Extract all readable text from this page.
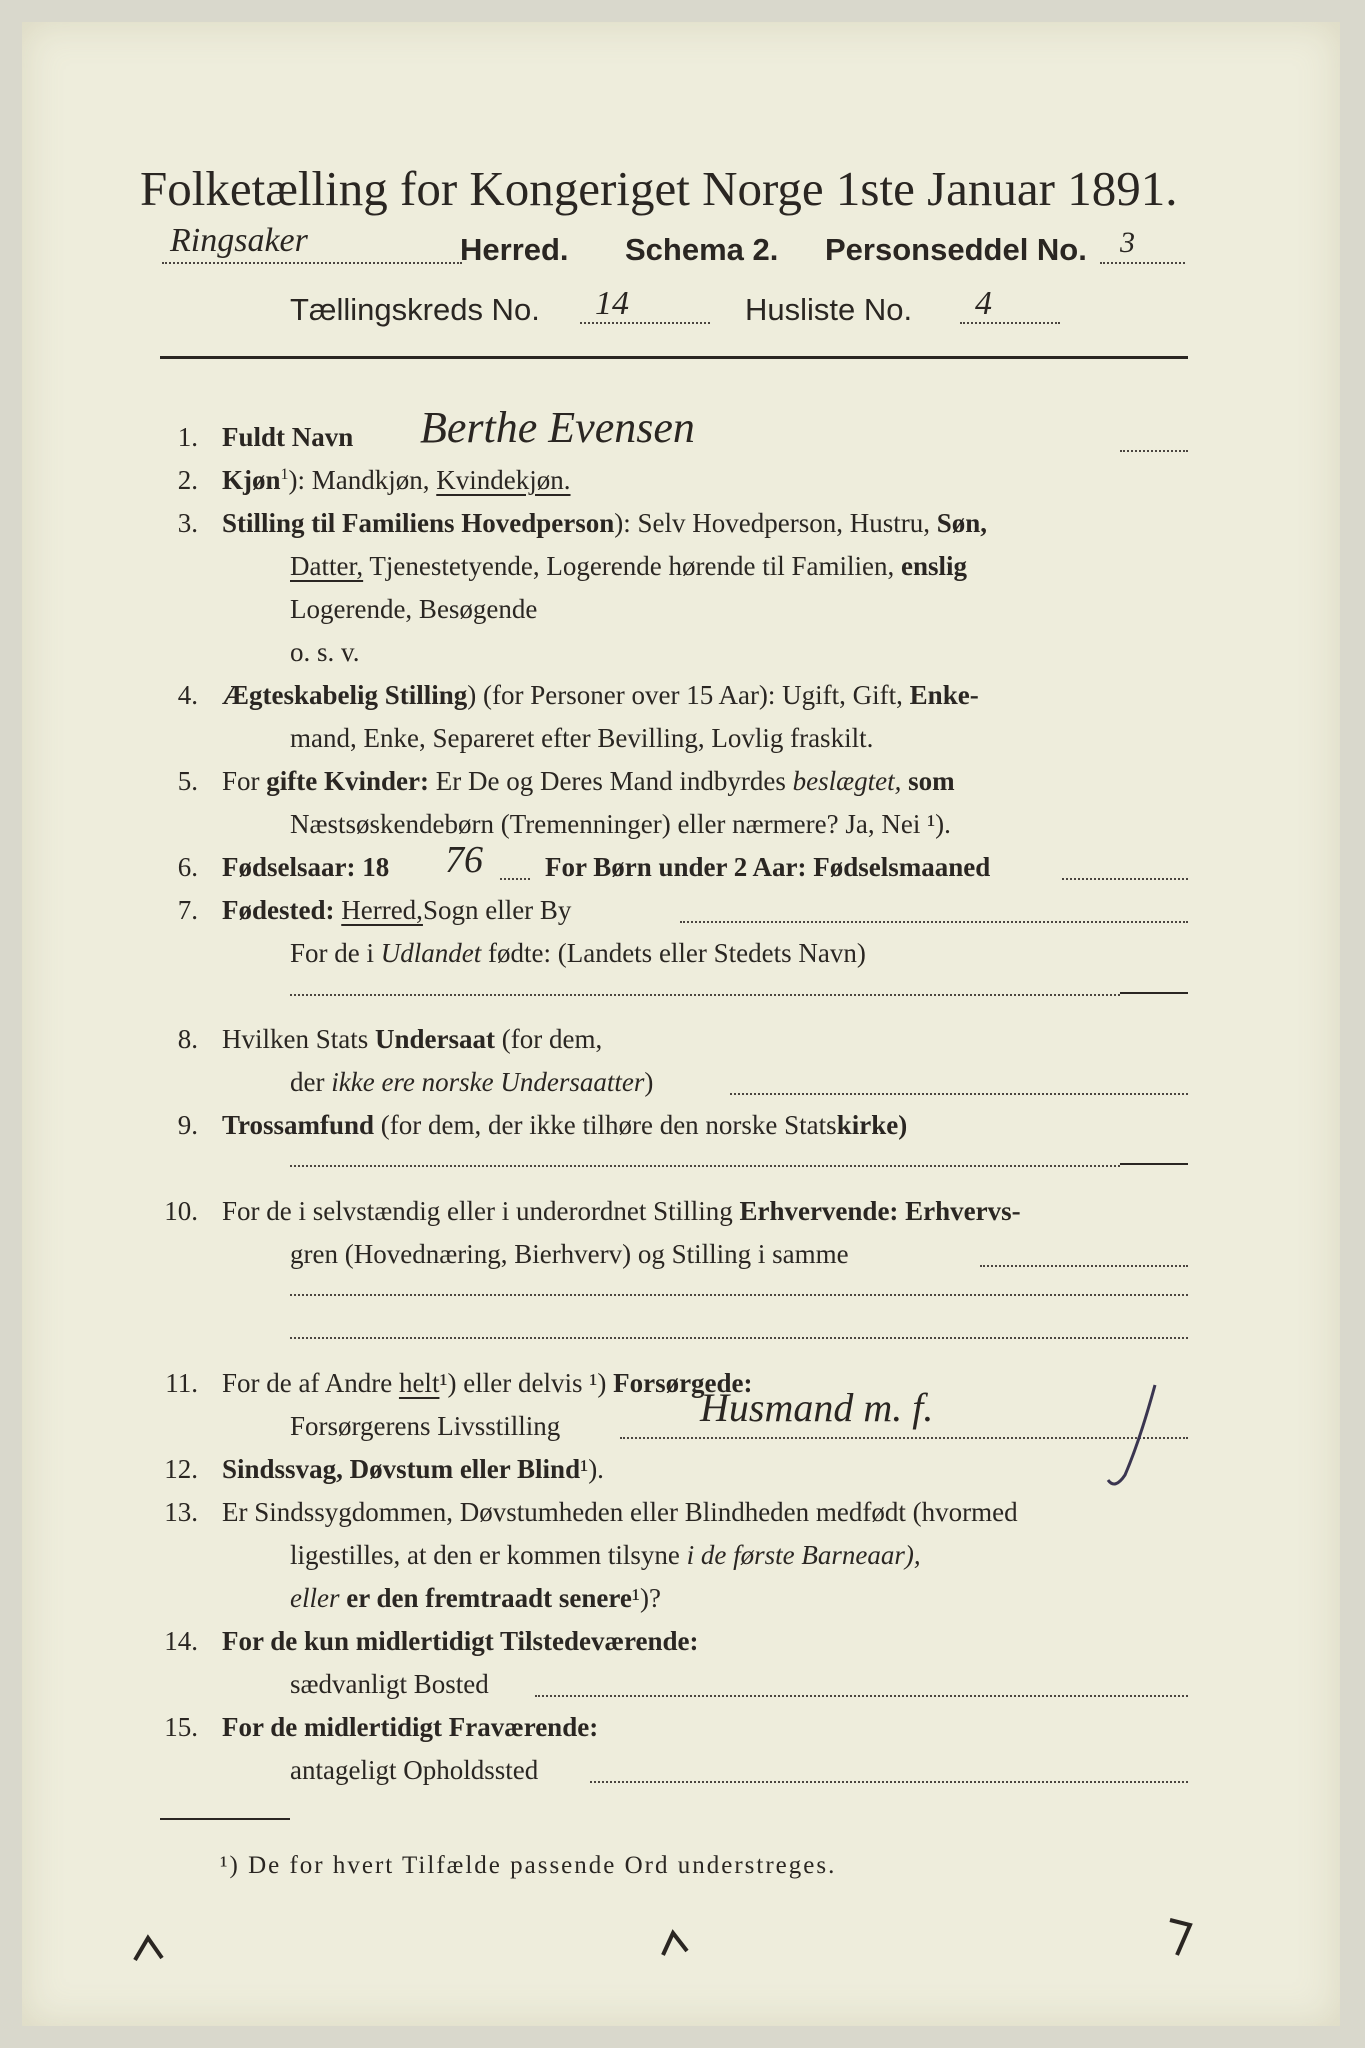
Folketælling for Kongeriget Norge 1ste Januar 1891.
Ringsaker	Herred. Schema 2. Personseddel No. 3
Tællingskreds No. 14	Husliste No. 4
1. Fuldt Navn Berthe Evensen
2. Kjøn$^1$): Mandkjøn, Kvindekjøn.
3. Stilling til Familiens Hovedperson): Selv Hovedperson, Hustru, Søn,
Datter, Tjenestetyende, Logerende hørende til Familien, enslig
Logerende, Besøgende
o. s. v.
4. Ægteskabelig Stilling) (for Personer over 15 Aar): Ugift, Gift, Enke-
mand, Enke, Separeret efter Bevilling, Lovlig fraskilt.
5. For gifte Kvinder: Er De og Deres Mand indbyrdes beslægtet, som
Næstsøskendebørn (Tremenninger) eller nærmere? Ja, Nei ¹).
6. Fødselsaar: 18 76 For Børn under 2 Aar: Fødselsmaaned
7. Fødested: Herred,Sogn eller By
For de i Udlandet fødte: (Landets eller Stedets Navn)
8. Hvilken Stats Undersaat (for dem,
der ikke ere norske Undersaatter)
9. Trossamfund (for dem, der ikke tilhøre den norske Statskirke)
10. For de i selvstændig eller i underordnet Stilling Erhvervende: Erhvervs-
gren (Hovednæring, Bierhverv) og Stilling i samme
11. For de af Andre helt¹) eller delvis ¹) Forsørgede:
Forsørgerens Livsstilling	Husmand m. f.
12. Sindssvag, Døvstum eller Blind¹).
13. Er Sindssygdommen, Døvstumheden eller Blindheden medfødt (hvormed
ligestilles, at den er kommen tilsyne i de første Barneaar),
eller er den fremtraadt senere¹)?
14. For de kun midlertidigt Tilstedeværende:
sædvanligt Bosted
15. For de midlertidigt Fraværende:
antageligt Opholdssted
¹) De for hvert Tilfælde passende Ord understreges.
